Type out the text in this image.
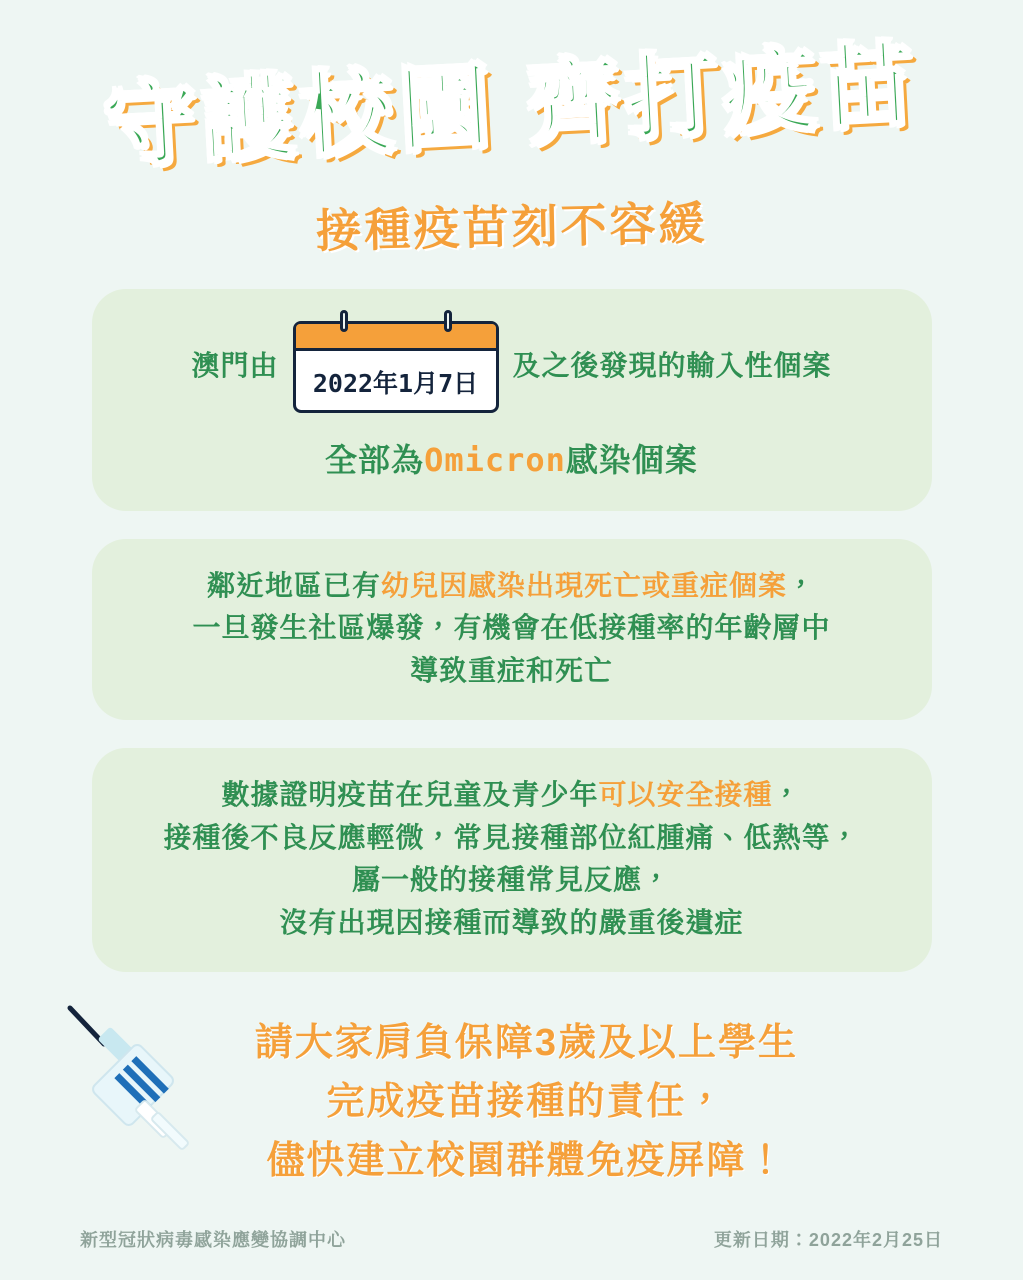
守護校園 齊打疫苗
接種疫苗刻不容緩
澳門由
2022年1月7日
及之後發現的輸入性個案
全部為Omicron感染個案
鄰近地區已有幼兒因感染出現死亡或重症個案，
一旦發生社區爆發，有機會在低接種率的年齡層中
導致重症和死亡
數據證明疫苗在兒童及青少年可以安全接種，
接種後不良反應輕微，常見接種部位紅腫痛、低熱等，
屬一般的接種常見反應，
沒有出現因接種而導致的嚴重後遺症
請大家肩負保障3歲及以上學生
完成疫苗接種的責任，
儘快建立校園群體免疫屏障！
新型冠狀病毒感染應變協調中心	更新日期：2022年2月25日
